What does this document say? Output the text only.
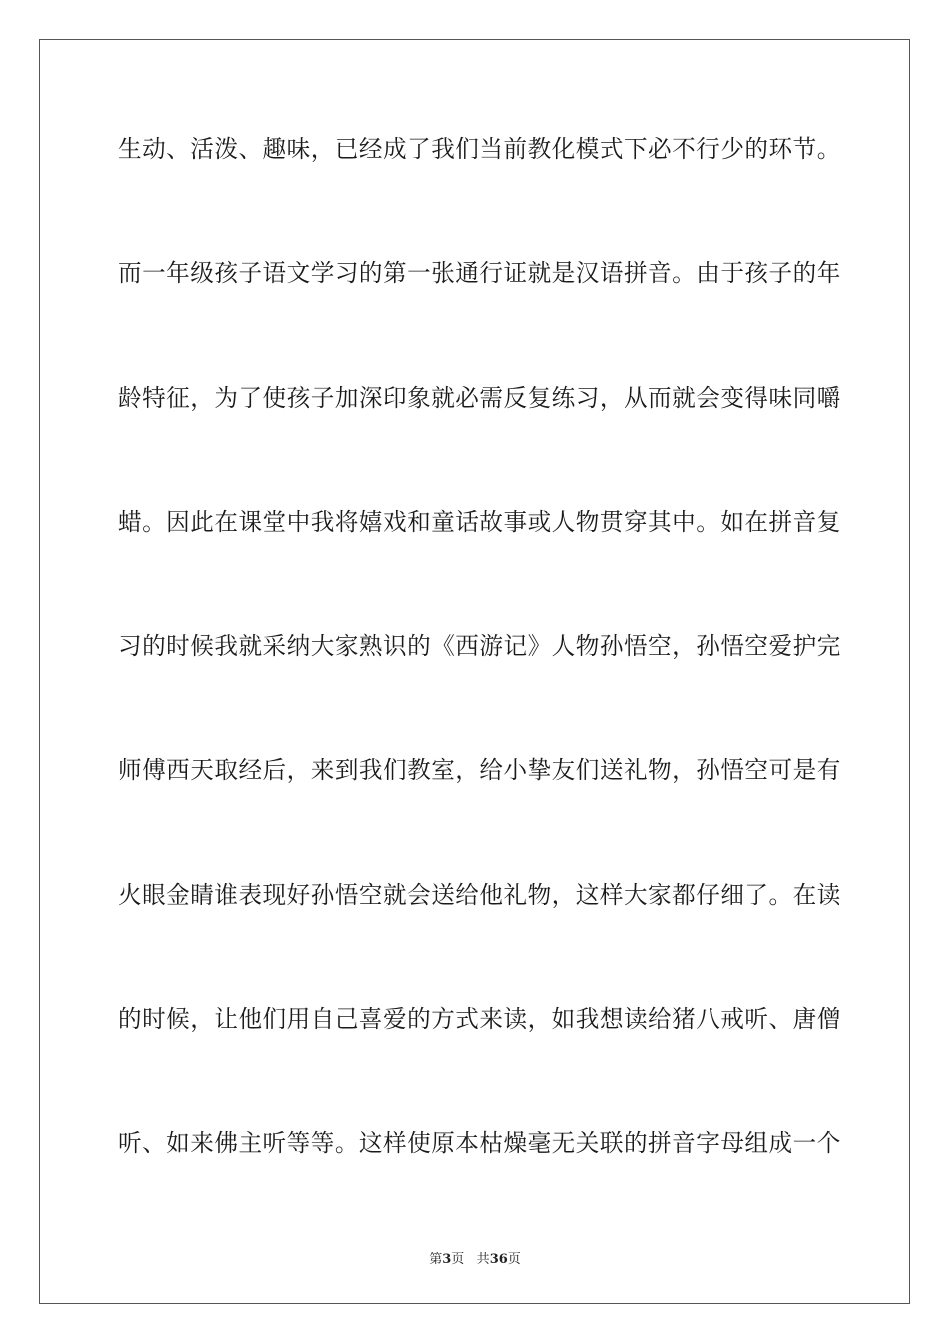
生动、活泼、趣味，已经成了我们当前教化模式下必不行少的环节。
而一年级孩子语文学习的第一张通行证就是汉语拼音。由于孩子的年
龄特征，为了使孩子加深印象就必需反复练习，从而就会变得味同嚼
蜡。因此在课堂中我将嬉戏和童话故事或人物贯穿其中。如在拼音复
习的时候我就采纳大家熟识的《西游记》人物孙悟空，孙悟空爱护完
师傅西天取经后，来到我们教室，给小挚友们送礼物，孙悟空可是有
火眼金睛谁表现好孙悟空就会送给他礼物，这样大家都仔细了。在读
的时候，让他们用自己喜爱的方式来读，如我想读给猪八戒听、唐僧
听、如来佛主听等等。这样使原本枯燥毫无关联的拼音字母组成一个
第3页 共36页
